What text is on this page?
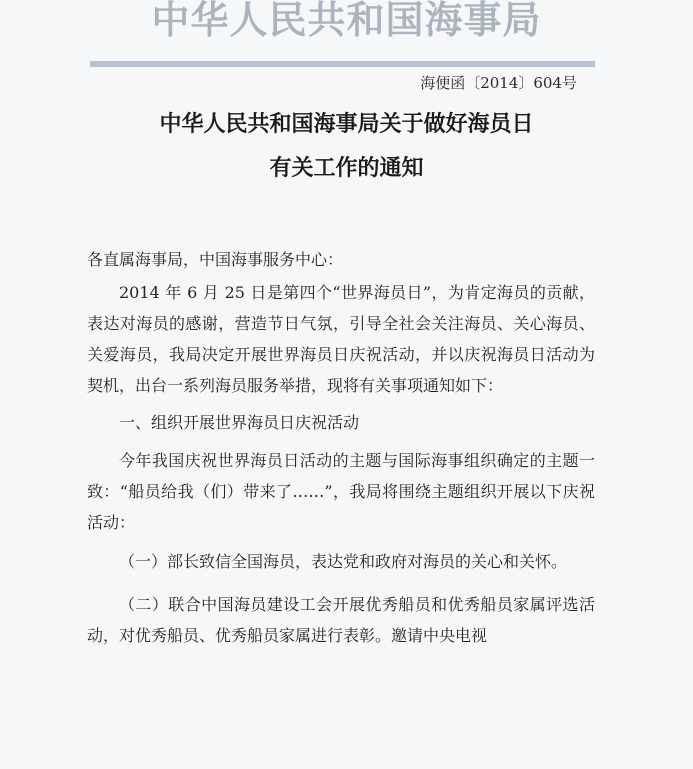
中华人民共和国海事局
海便函〔2014〕604号
中华人民共和国海事局关于做好海员日
有关工作的通知

各直属海事局，中国海事服务中心：

2014 年 6 月 25 日是第四个“世界海员日”，为肯定海员的贡献，表达对海员的感谢，营造节日气氛，引导全社会关注海员、关心海员、关爱海员，我局决定开展世界海员日庆祝活动，并以庆祝海员日活动为契机，出台一系列海员服务举措，现将有关事项通知如下：

一、组织开展世界海员日庆祝活动

今年我国庆祝世界海员日活动的主题与国际海事组织确定的主题一致：“船员给我（们）带来了……”，我局将围绕主题组织开展以下庆祝活动：

（一）部长致信全国海员，表达党和政府对海员的关心和关怀。

（二）联合中国海员建设工会开展优秀船员和优秀船员家属评选活动，对优秀船员、优秀船员家属进行表彰。邀请中央电视
